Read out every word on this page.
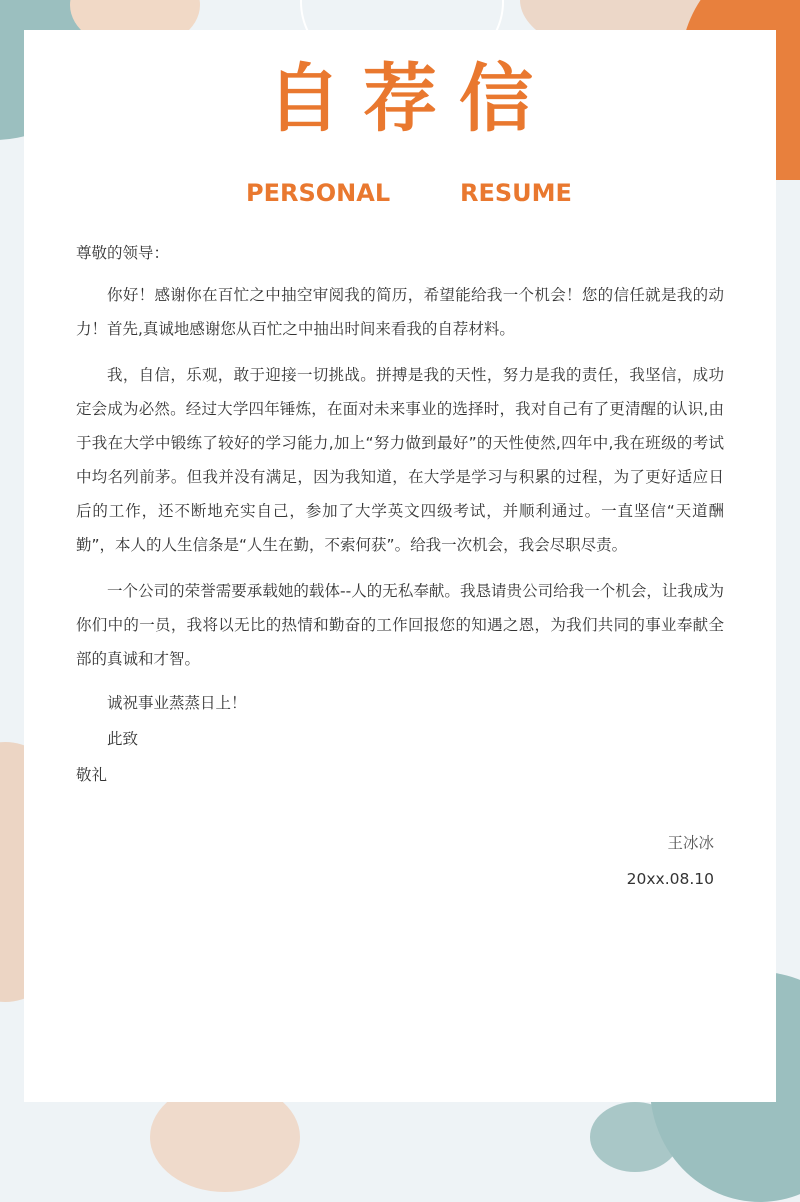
自荐信
PERSONAL	RESUME

尊敬的领导：

你好！感谢你在百忙之中抽空审阅我的简历，希望能给我一个机会！您的信任就是我的动力！首先,真诚地感谢您从百忙之中抽出时间来看我的自荐材料。

我，自信，乐观，敢于迎接一切挑战。拼搏是我的天性，努力是我的责任，我坚信，成功定会成为必然。经过大学四年锤炼，在面对未来事业的选择时，我对自己有了更清醒的认识,由于我在大学中锻练了较好的学习能力,加上“努力做到最好”的天性使然,四年中,我在班级的考试中均名列前茅。但我并没有满足，因为我知道，在大学是学习与积累的过程，为了更好适应日后的工作，还不断地充实自己，参加了大学英文四级考试，并顺利通过。一直坚信“天道酬勤”，本人的人生信条是“人生在勤，不索何获”。给我一次机会，我会尽职尽责。

一个公司的荣誉需要承载她的载体--人的无私奉献。我恳请贵公司给我一个机会，让我成为你们中的一员，我将以无比的热情和勤奋的工作回报您的知遇之恩，为我们共同的事业奉献全部的真诚和才智。

诚祝事业蒸蒸日上！

此致

敬礼

王冰冰
20xx.08.10
